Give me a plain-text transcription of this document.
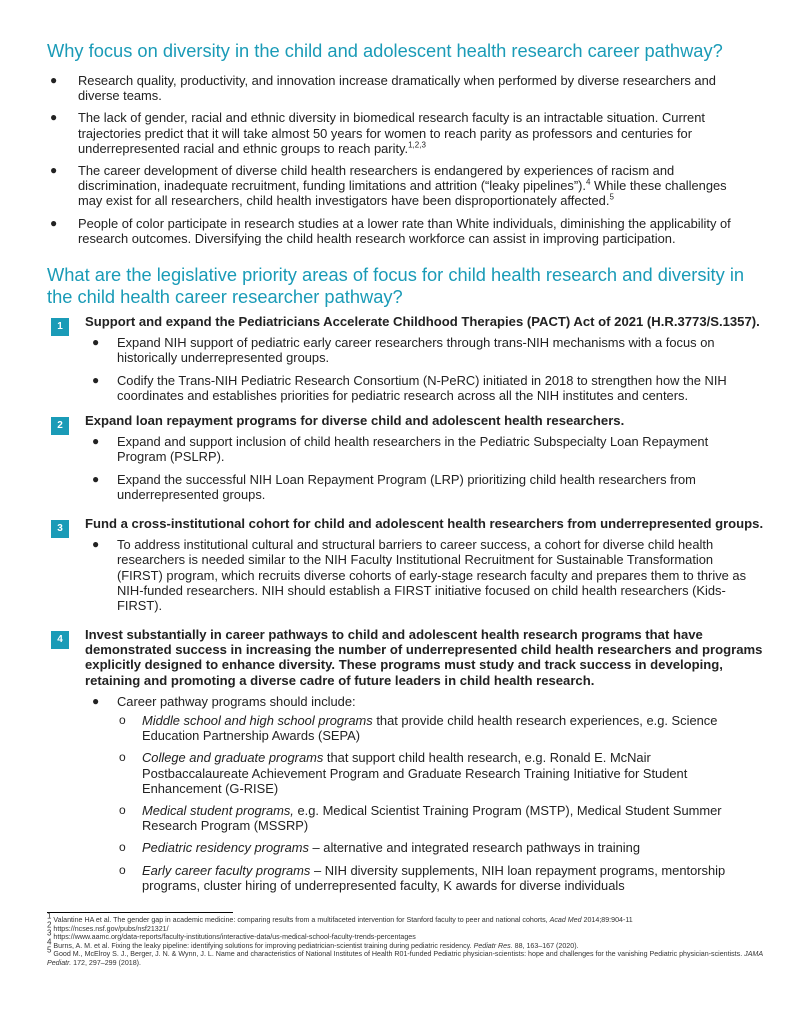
Why focus on diversity in the child and adolescent health research career pathway?
● Research quality, productivity, and innovation increase dramatically when performed by diverse researchers and diverse teams.
● The lack of gender, racial and ethnic diversity in biomedical research faculty is an intractable situation. Current trajectories predict that it will take almost 50 years for women to reach parity as professors and centuries for underrepresented racial and ethnic groups to reach parity.$^{1,2,3}$
● The career development of diverse child health researchers is endangered by experiences of racism and discrimination, inadequate recruitment, funding limitations and attrition (“leaky pipelines”).$^4$ While these challenges may exist for all researchers, child health investigators have been disproportionately affected.$^5$
● People of color participate in research studies at a lower rate than White individuals, diminishing the applicability of research outcomes. Diversifying the child health research workforce can assist in improving participation.
What are the legislative priority areas of focus for child health research and diversity in the child health career researcher pathway?
1	Support and expand the Pediatricians Accelerate Childhood Therapies (PACT) Act of 2021 (H.R.3773/S.1357).
● Expand NIH support of pediatric early career researchers through trans-NIH mechanisms with a focus on historically underrepresented groups.
● Codify the Trans-NIH Pediatric Research Consortium (N-PeRC) initiated in 2018 to strengthen how the NIH coordinates and establishes priorities for pediatric research across all the NIH institutes and centers.
2	Expand loan repayment programs for diverse child and adolescent health researchers.
● Expand and support inclusion of child health researchers in the Pediatric Subspecialty Loan Repayment Program (PSLRP).
● Expand the successful NIH Loan Repayment Program (LRP) prioritizing child health researchers from underrepresented groups.
3	Fund a cross-institutional cohort for child and adolescent health researchers from underrepresented groups.
● To address institutional cultural and structural barriers to career success, a cohort for diverse child health researchers is needed similar to the NIH Faculty Institutional Recruitment for Sustainable Transformation (FIRST) program, which recruits diverse cohorts of early-stage research faculty and prepares them to thrive as NIH-funded researchers. NIH should establish a FIRST initiative focused on child health researchers (Kids-FIRST).
4	Invest substantially in career pathways to child and adolescent health research programs that have demonstrated success in increasing the number of underrepresented child health researchers and programs explicitly designed to enhance diversity. These programs must study and track success in developing, retaining and promoting a diverse cadre of future leaders in child health research.
● Career pathway programs should include:
o Middle school and high school programs that provide child health research experiences, e.g. Science Education Partnership Awards (SEPA)
o College and graduate programs that support child health research, e.g. Ronald E. McNair Postbaccalaureate Achievement Program and Graduate Research Training Initiative for Student Enhancement (G-RISE)
o Medical student programs, e.g. Medical Scientist Training Program (MSTP), Medical Student Summer Research Program (MSSRP)
o Pediatric residency programs – alternative and integrated research pathways in training
o Early career faculty programs – NIH diversity supplements, NIH loan repayment programs, mentorship programs, cluster hiring of underrepresented faculty, K awards for diverse individuals
$^1$ Valantine HA et al. The gender gap in academic medicine: comparing results from a multifaceted intervention for Stanford faculty to peer and national cohorts, Acad Med 2014;89:904-11
$^2$ https://ncses.nsf.gov/pubs/nsf21321/
$^3$ https://www.aamc.org/data-reports/faculty-institutions/interactive-data/us-medical-school-faculty-trends-percentages
$^4$ Burns, A. M. et al. Fixing the leaky pipeline: identifying solutions for improving pediatrician-scientist training during pediatric residency. Pediatr Res. 88, 163–167 (2020).
$^5$ Good M., McElroy S. J., Berger, J. N. & Wynn, J. L. Name and characteristics of National Institutes of Health R01-funded Pediatric physician-scientists: hope and challenges for the vanishing Pediatric physician-scientists. JAMA Pediatr. 172, 297–299 (2018).
